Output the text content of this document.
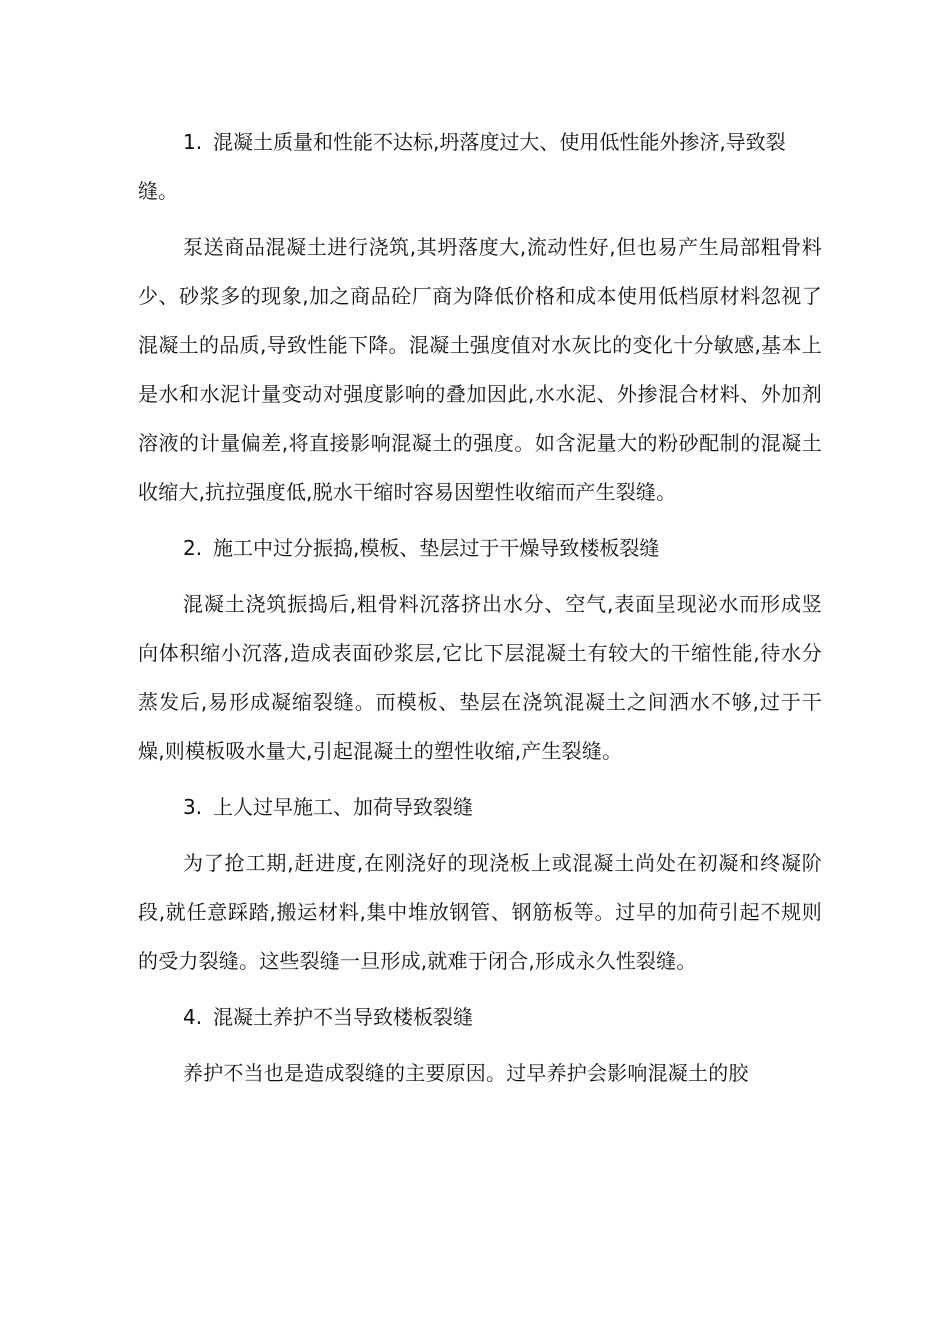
1. 混凝土质量和性能不达标,坍落度过大、使用低性能外掺济,导致裂缝。

泵送商品混凝土进行浇筑,其坍落度大,流动性好,但也易产生局部粗骨料少、砂浆多的现象,加之商品砼厂商为降低价格和成本使用低档原材料忽视了混凝土的品质,导致性能下降。混凝土强度值对水灰比的变化十分敏感,基本上是水和水泥计量变动对强度影响的叠加因此,水水泥、外掺混合材料、外加剂溶液的计量偏差,将直接影响混凝土的强度。如含泥量大的粉砂配制的混凝土收缩大,抗拉强度低,脱水干缩时容易因塑性收缩而产生裂缝。

2. 施工中过分振捣,模板、垫层过于干燥导致楼板裂缝

混凝土浇筑振捣后,粗骨料沉落挤出水分、空气,表面呈现泌水而形成竖向体积缩小沉落,造成表面砂浆层,它比下层混凝土有较大的干缩性能,待水分蒸发后,易形成凝缩裂缝。而模板、垫层在浇筑混凝土之间洒水不够,过于干燥,则模板吸水量大,引起混凝土的塑性收缩,产生裂缝。

3. 上人过早施工、加荷导致裂缝

为了抢工期,赶进度,在刚浇好的现浇板上或混凝土尚处在初凝和终凝阶段,就任意踩踏,搬运材料,集中堆放钢管、钢筋板等。过早的加荷引起不规则的受力裂缝。这些裂缝一旦形成,就难于闭合,形成永久性裂缝。

4. 混凝土养护不当导致楼板裂缝

养护不当也是造成裂缝的主要原因。过早养护会影响混凝土的胶
